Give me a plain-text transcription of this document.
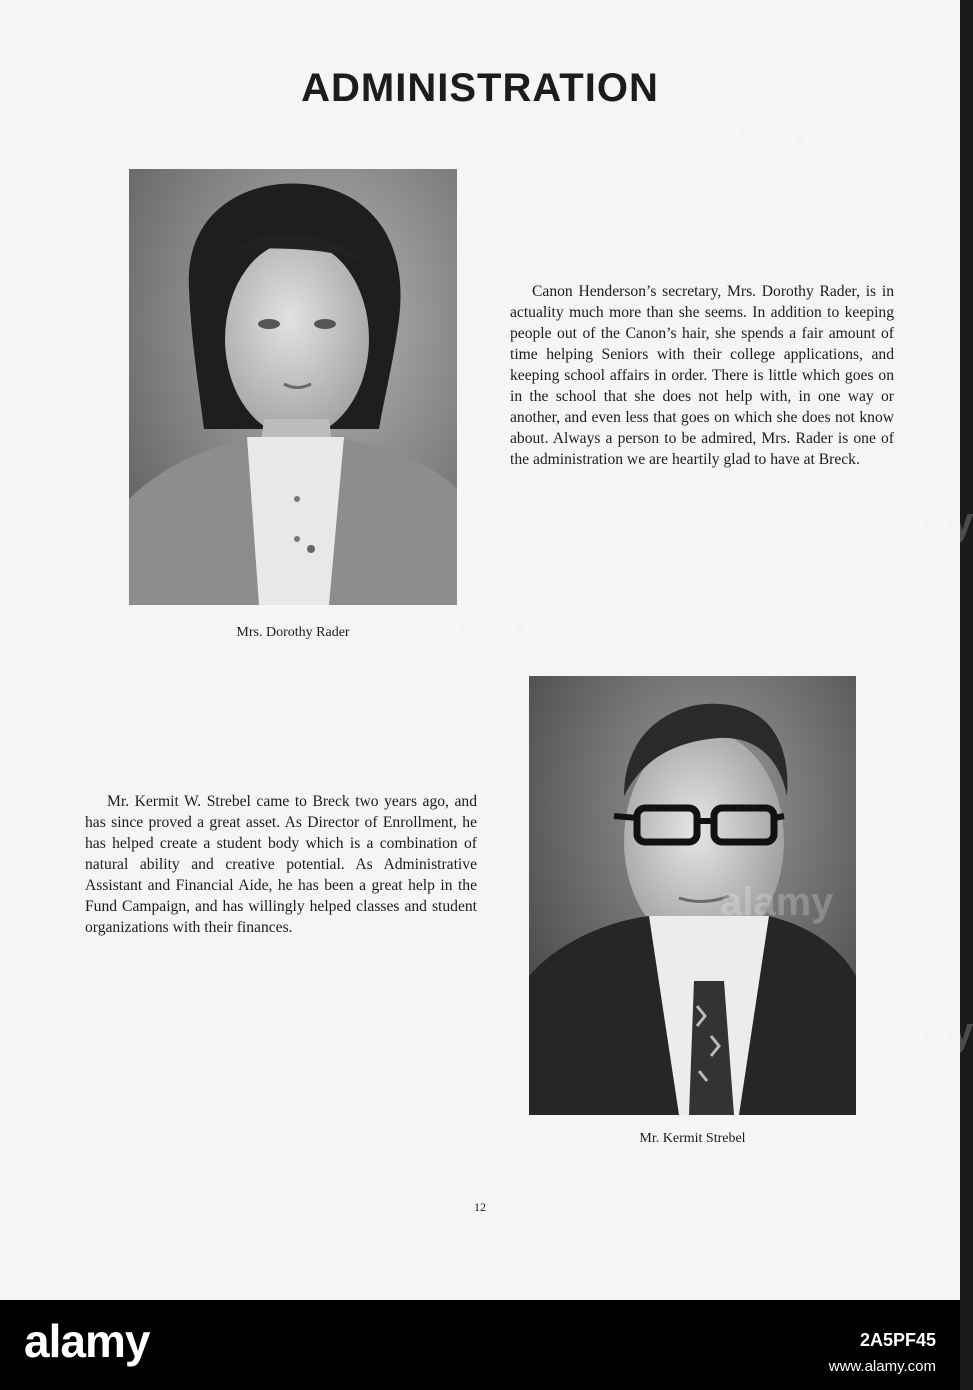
ADMINISTRATION

Mrs. Dorothy Rader

Canon Henderson’s secretary, Mrs. Dorothy Rader, is in actuality much more than she seems. In addition to keeping people out of the Canon’s hair, she spends a fair amount of time helping Seniors with their college applications, and keeping school affairs in order. There is little which goes on in the school that she does not help with, in one way or another, and even less that goes on which she does not know about. Always a person to be admired, Mrs. Rader is one of the administration we are heartily glad to have at Breck.

Mr. Kermit Strebel

Mr. Kermit W. Strebel came to Breck two years ago, and has since proved a great asset. As Director of Enrollment, he has helped create a student body which is a combination of natural ability and creative potential. As Administrative Assistant and Financial Aide, he has been a great help in the Fund Campaign, and has willingly helped classes and student organizations with their finances.

12

alamy
alamy
alamy
alamy
alamy
alamy	2A5PF45

www.alamy.com
